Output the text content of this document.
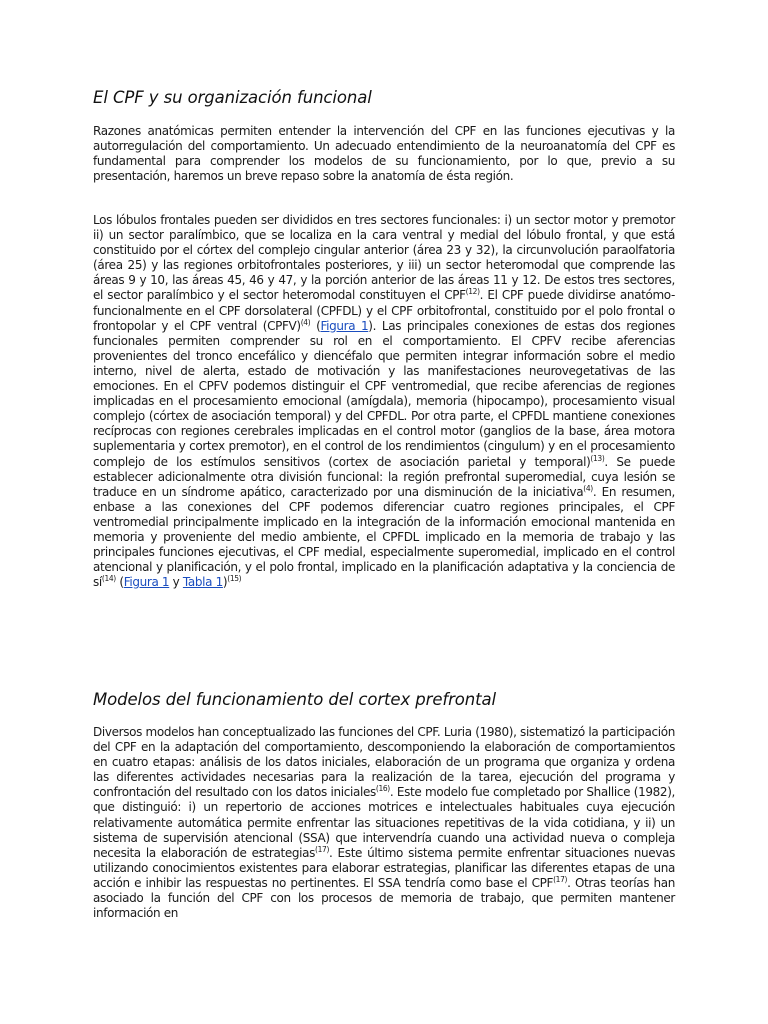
El CPF y su organización funcional

Razones anatómicas permiten entender la intervención del CPF en las funciones ejecutivas y la autorregulación del comportamiento. Un adecuado entendimiento de la neuroanatomía del CPF es fundamental para comprender los modelos de su funcionamiento, por lo que, previo a su presentación, haremos un breve repaso sobre la anatomía de ésta región.

Los lóbulos frontales pueden ser divididos en tres sectores funcionales: i) un sector motor y premotor ii) un sector paralímbico, que se localiza en la cara ventral y medial del lóbulo frontal, y que está constituido por el córtex del complejo cingular anterior (área 23 y 32), la circunvolución paraolfatoria (área 25) y las regiones orbitofrontales posteriores, y iii) un sector heteromodal que comprende las áreas 9 y 10, las áreas 45, 46 y 47, y la porción anterior de las áreas 11 y 12. De estos tres sectores, el sector paralímbico y el sector heteromodal constituyen el CPF$^{(12)}$. El CPF puede dividirse anatómo-funcionalmente en el CPF dorsolateral (CPFDL) y el CPF orbitofrontal, constituido por el polo frontal o frontopolar y el CPF ventral (CPFV)$^{(4)}$ (Figura 1). Las principales conexiones de estas dos regiones funcionales permiten comprender su rol en el comportamiento. El CPFV recibe aferencias provenientes del tronco encefálico y diencéfalo que permiten integrar información sobre el medio interno, nivel de alerta, estado de motivación y las manifestaciones neurovegetativas de las emociones. En el CPFV podemos distinguir el CPF ventromedial, que recibe aferencias de regiones implicadas en el procesamiento emocional (amígdala), memoria (hipocampo), procesamiento visual complejo (córtex de asociación temporal) y del CPFDL. Por otra parte, el CPFDL mantiene conexiones recíprocas con regiones cerebrales implicadas en el control motor (ganglios de la base, área motora suplementaria y cortex premotor), en el control de los rendimientos (cingulum) y en el procesamiento complejo de los estímulos sensitivos (cortex de asociación parietal y temporal)$^{(13)}$. Se puede establecer adicionalmente otra división funcional: la región prefrontal superomedial, cuya lesión se traduce en un síndrome apático, caracterizado por una disminución de la iniciativa$^{(4)}$. En resumen, enbase a las conexiones del CPF podemos diferenciar cuatro regiones principales, el CPF ventromedial principalmente implicado en la integración de la información emocional mantenida en memoria y proveniente del medio ambiente, el CPFDL implicado en la memoria de trabajo y las principales funciones ejecutivas, el CPF medial, especialmente superomedial, implicado en el control atencional y planificación, y el polo frontal, implicado en la planificación adaptativa y la conciencia de $sí^{(14)}$ (Figura 1 y Tabla 1)$^{(15)}$

Modelos del funcionamiento del cortex prefrontal

Diversos modelos han conceptualizado las funciones del CPF. Luria (1980), sistematizó la participación del CPF en la adaptación del comportamiento, descomponiendo la elaboración de comportamientos en cuatro etapas: análisis de los datos iniciales, elaboración de un programa que organiza y ordena las diferentes actividades necesarias para la realización de la tarea, ejecución del programa y confrontación del resultado con los datos iniciales$^{(16)}$. Este modelo fue completado por Shallice (1982), que distinguió: i) un repertorio de acciones motrices e intelectuales habituales cuya ejecución relativamente automática permite enfrentar las situaciones repetitivas de la vida cotidiana, y ii) un sistema de supervisión atencional (SSA) que intervendría cuando una actividad nueva o compleja necesita la elaboración de estrategias$^{(17)}$. Este último sistema permite enfrentar situaciones nuevas utilizando conocimientos existentes para elaborar estrategias, planificar las diferentes etapas de una acción e inhibir las respuestas no pertinentes. El SSA tendría como base el CPF$^{(17)}$. Otras teorías han asociado la función del CPF con los procesos de memoria de trabajo, que permiten mantener información en
